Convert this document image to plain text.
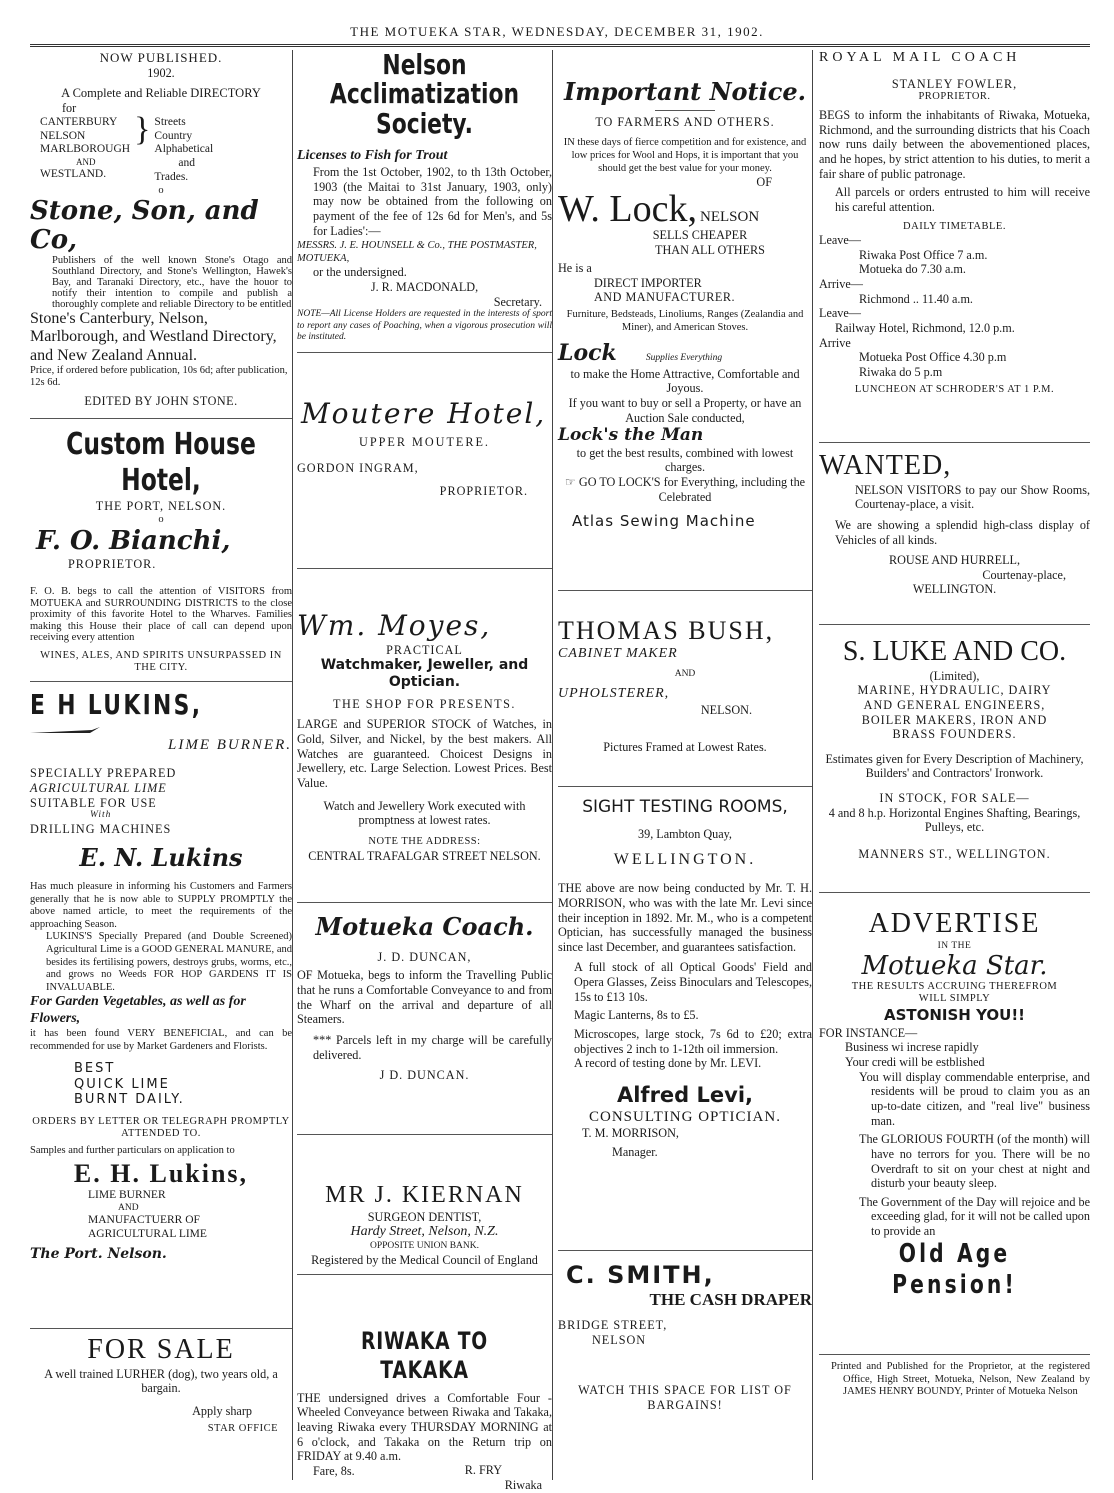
THE MOTUEKA STAR, WEDNESDAY, DECEMBER 31, 1902.

NOW PUBLISHED.

1902.

A Complete and Reliable DIRECTORY

for

CANTERBURY
NELSON
MARLBOROUGH
AND
WESTLAND.
	}	Streets
Country
Alphabetical
and
Trades.

o

Stone, Son, and Co,

Publishers of the well known Stone's Otago and Southland Directory, and Stone's Wellington, Hawek's Bay, and Taranaki Directory, etc., have the houor to notify their intention to compile and publish a thoroughly complete and reliable Directory to be entitled

Stone's Canterbury, Nelson, Marlborough, and Westland Directory, and New Zealand Annual.

Price, if ordered before publication, 10s 6d; after publication, 12s 6d.

EDITED BY JOHN STONE.

Custom House Hotel,

THE PORT, NELSON.

o

F. O. Bianchi,

PROPRIETOR.

F. O. B. begs to call the attention of VISITORS from MOTUEKA and SURROUNDING DISTRICTS to the close proximity of this favorite Hotel to the Wharves. Families making this House their place of call can depend upon receiving every attention

WINES, ALES, AND SPIRITS UNSURPASSED IN THE CITY.

E H LUKINS,

LIME BURNER.

SPECIALLY PREPARED

AGRICULTURAL LIME

SUITABLE FOR USE

With

DRILLING MACHINES

E. N. Lukins

Has much pleasure in informing his Customers and Farmers generally that he is now able to SUPPLY PROMPTLY the above named article, to meet the requirements of the approaching Season.

LUKINS'S Specially Prepared (and Double Screened) Agricultural Lime is a GOOD GENERAL MANURE, and besides its fertilising powers, destroys grubs, worms, etc., and grows no Weeds FOR HOP GARDENS IT IS INVALUABLE.

For Garden Vegetables, as well as for Flowers,

it has been found VERY BENEFICIAL, and can be recommended for use by Market Gardeners and Florists.

BEST

QUICK LIME

BURNT DAILY.

ORDERS BY LETTER OR TELEGRAPH PROMPTLY ATTENDED TO.

Samples and further particulars on application to

E. H. Lukins,

LIME BURNER

AND

MANUFACTUERR OF

AGRICULTURAL LIME

The Port. Nelson.

FOR SALE

A well trained LURHER (dog), two years old, a bargain.

Apply sharp

STAR OFFICE

Nelson Acclimatization Society.

Licenses to Fish for Trout

From the 1st October, 1902, to th 13th October, 1903 (the Maitai to 31st January, 1903, only) may now be obtained from the following on payment of the fee of 12s 6d for Men's, and 5s for Ladies':—

MESSRS. J. E. HOUNSELL & Co., THE POSTMASTER, MOTUEKA,

or the undersigned.

J. R. MACDONALD,

Secretary.

NOTE—All License Holders are requested in the interests of sport to report any cases of Poaching, when a vigorous prosecution will be instituted.

Moutere Hotel,

UPPER MOUTERE.

GORDON INGRAM,

PROPRIETOR.

Wm. Moyes,

PRACTICAL

Watchmaker, Jeweller, and Optician.

THE SHOP FOR PRESENTS.

LARGE and SUPERIOR STOCK of Watches, in Gold, Silver, and Nickel, by the best makers. All Watches are guaranteed. Choicest Designs in Jewellery, etc. Large Selection. Lowest Prices. Best Value.

Watch and Jewellery Work executed with promptness at lowest rates.

NOTE THE ADDRESS:

CENTRAL TRAFALGAR STREET NELSON.

Motueka Coach.

J. D. DUNCAN,

OF Motueka, begs to inform the Travelling Public that he runs a Comfortable Conveyance to and from the Wharf on the arrival and departure of all Steamers.

*** Parcels left in my charge will be carefully delivered.

J D. DUNCAN.

MR J. KIERNAN

SURGEON DENTIST,

Hardy Street, Nelson, N.Z.

OPPOSITE UNION BANK.

Registered by the Medical Council of England

RIWAKA TO TAKAKA

THE undersigned drives a Comfortable Four - Wheeled Conveyance between Riwaka and Takaka, leaving Riwaka every THURSDAY MORNING at 6 o'clock, and Takaka on the Return trip on FRIDAY at 9.40 a.m.

Fare, 8s.	R. FRY

Riwaka

Important Notice.

TO FARMERS AND OTHERS.

IN these days of fierce competition and for existence, and low prices for Wool and Hops, it is important that you should get the best value for your money.

OF

W. Lock, NELSON

SELLS CHEAPER

THAN ALL OTHERS

He is a

DIRECT IMPORTER

AND MANUFACTURER.

Furniture, Bedsteads, Linoliums, Ranges (Zealandia and Miner), and American Stoves.

Lock	Supplies Everything

to make the Home Attractive, Comfortable and Joyous.

If you want to buy or sell a Property, or have an Auction Sale conducted,

Lock's the Man

to get the best results, combined with lowest charges.

☞ GO TO LOCK'S for Everything, including the Celebrated

Atlas Sewing Machine

THOMAS BUSH,

CABINET MAKER

AND

UPHOLSTERER,

NELSON.

Pictures Framed at Lowest Rates.

SIGHT TESTING ROOMS,

39, Lambton Quay,

WELLINGTON.

THE above are now being conducted by Mr. T. H. MORRISON, who was with the late Mr. Levi since their inception in 1892. Mr. M., who is a competent Optician, has successfully managed the business since last December, and guarantees satisfaction.

A full stock of all Optical Goods' Field and Opera Glasses, Zeiss Binoculars and Telescopes, 15s to £13 10s.

Magic Lanterns, 8s to £5.

Microscopes, large stock, 7s 6d to £20; extra objectives 2 inch to 1-12th oil immersion.

A record of testing done by Mr. LEVI.

Alfred Levi,

CONSULTING OPTICIAN.

T. M. MORRISON,

Manager.

C. SMITH,

THE CASH DRAPER

BRIDGE STREET,

NELSON

WATCH THIS SPACE FOR LIST OF BARGAINS!

ROYAL MAIL COACH

STANLEY FOWLER,

PROPRIETOR.

BEGS to inform the inhabitants of Riwaka, Motueka, Richmond, and the surrounding districts that his Coach now runs daily between the abovementioned places, and he hopes, by strict attention to his duties, to merit a fair share of public patronage.

All parcels or orders entrusted to him will receive his careful attention.

DAILY TIMETABLE.

Leave—

Riwaka Post Office 7 a.m.

Motueka do 7.30 a.m.

Arrive—

Richmond .. 11.40 a.m.

Leave—

Railway Hotel, Richmond, 12.0 p.m.

Arrive

Motueka Post Office 4.30 p.m

Riwaka do 5 p.m

LUNCHEON AT SCHRODER'S AT 1 P.M.

WANTED,

NELSON VISITORS to pay our Show Rooms, Courtenay-place, a visit.

We are showing a splendid high-class display of Vehicles of all kinds.

ROUSE AND HURRELL,

Courtenay-place,

WELLINGTON.

S. LUKE AND CO.

(Limited),

MARINE, HYDRAULIC, DAIRY

AND GENERAL ENGINEERS,

BOILER MAKERS, IRON AND

BRASS FOUNDERS.

Estimates given for Every Description of Machinery, Builders' and Contractors' Ironwork.

IN STOCK, FOR SALE—

4 and 8 h.p. Horizontal Engines Shafting, Bearings, Pulleys, etc.

MANNERS ST., WELLINGTON.

ADVERTISE

IN THE

Motueka Star.

THE RESULTS ACCRUING THEREFROM

WILL SIMPLY

ASTONISH YOU!!

FOR INSTANCE—

Business wi increse rapidly

Your credi will be estblished

You will display commendable enterprise, and residents will be proud to claim you as an up-to-date citizen, and "real live" business man.

The GLORIOUS FOURTH (of the month) will have no terrors for you. There will be no Overdraft to sit on your chest at night and disturb your beauty sleep.

The Government of the Day will rejoice and be exceeding glad, for it will not be called upon to provide an

Old Age Pension!

Printed and Published for the Proprietor, at the registered Office, High Street, Motueka, Nelson, New Zealand by JAMES HENRY BOUNDY, Printer of Motueka Nelson
